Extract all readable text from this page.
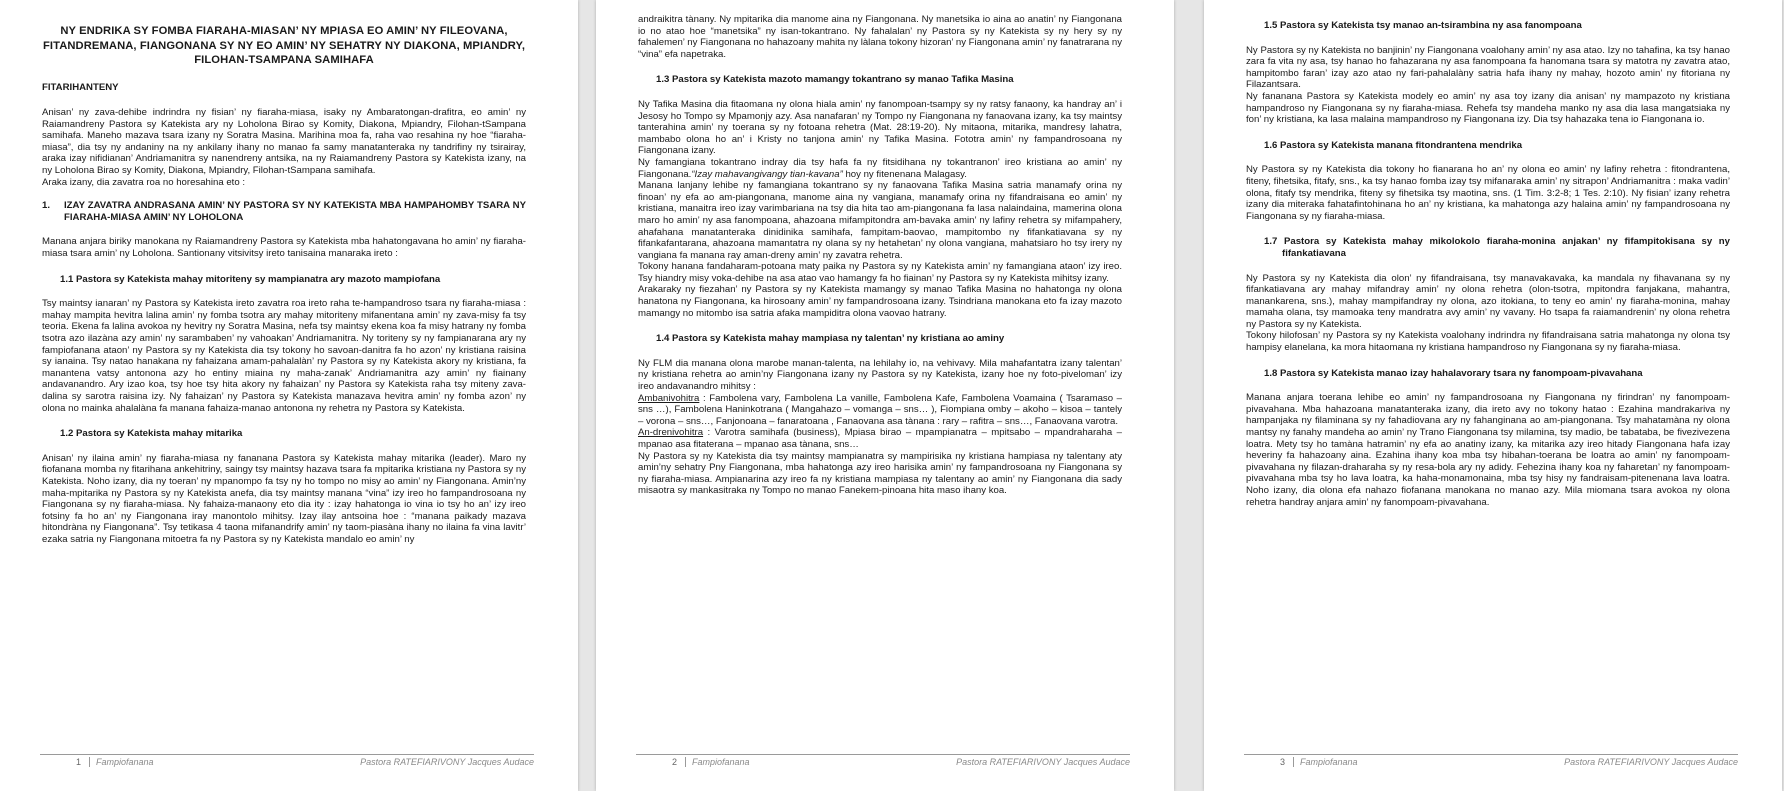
NY ENDRIKA SY FOMBA FIARAHA-MIASAN’ NY MPIASA EO AMIN’ NY FILEOVANA, FITANDREMANA, FIANGONANA SY NY EO AMIN’ NY SEHATRY NY DIAKONA, MPIANDRY, FILOHAN-TSAMPANA SAMIHAFA

FITARIHANTENY

Anisan’ ny zava-dehibe indrindra ny fisian’ ny fiaraha-miasa, isaky ny Ambaratongan-drafitra, eo amin’ ny Raiamandreny Pastora sy Katekista ary ny Loholona Birao sy Komity, Diakona, Mpiandry, Filohan-tSampana samihafa. Maneho mazava tsara izany ny Soratra Masina. Marihina moa fa, raha vao resahina ny hoe “fiaraha-miasa”, dia tsy ny andaniny na ny ankilany ihany no manao fa samy manatanteraka ny tandrifiny ny tsirairay, araka izay nifidianan’ Andriamanitra sy nanendreny antsika, na ny Raiamandreny Pastora sy Katekista izany, na ny Loholona Birao sy Komity, Diakona, Mpiandry, Filohan-tSampana samihafa.

Araka izany, dia zavatra roa no horesahina eto :

1.	IZAY ZAVATRA ANDRASANA AMIN’ NY PASTORA SY NY KATEKISTA MBA HAMPAHOMBY TSARA NY FIARAHA-MIASA AMIN’ NY LOHOLONA

Manana anjara biriky manokana ny Raiamandreny Pastora sy Katekista mba hahatongavana ho amin’ ny fiaraha-miasa tsara amin’ ny Loholona. Santionany vitsivitsy ireto tanisaina manaraka ireto :

1.1 Pastora sy Katekista mahay mitoriteny sy mampianatra ary mazoto mampiofana

Tsy maintsy ianaran’ ny Pastora sy Katekista ireto zavatra roa ireto raha te-hampandroso tsara ny fiaraha-miasa : mahay mampita hevitra lalina amin’ ny fomba tsotra ary mahay mitoriteny mifanentana amin’ ny zava-misy fa tsy teoria. Ekena fa lalina avokoa ny hevitry ny Soratra Masina, nefa tsy maintsy ekena koa fa misy hatrany ny fomba tsotra azo ilazàna azy amin’ ny sarambaben’ ny vahoakan’ Andriamanitra. Ny toriteny sy ny fampianarana ary ny fampiofanana ataon’ ny Pastora sy ny Katekista dia tsy tokony ho savoan-danitra fa ho azon’ ny kristiana raisina sy ianaina. Tsy natao hanakana ny fahaizana amam-pahalalàn’ ny Pastora sy ny Katekista akory ny kristiana, fa manantena vatsy antonona azy ho entiny miaina ny maha-zanak’ Andriamanitra azy amin’ ny fiainany andavanandro. Ary izao koa, tsy hoe tsy hita akory ny fahaizan’ ny Pastora sy Katekista raha tsy miteny zava-dalina sy sarotra raisina izy. Ny fahaizan’ ny Pastora sy Katekista manazava hevitra amin’ ny fomba azon’ ny olona no mainka ahalalàna fa manana fahaiza-manao antonona ny rehetra ny Pastora sy Katekista.

1.2 Pastora sy Katekista mahay mitarika

Anisan’ ny ilaina amin’ ny fiaraha-miasa ny fananana Pastora sy Katekista mahay mitarika (leader). Maro ny fiofanana momba ny fitarihana ankehitriny, saingy tsy maintsy hazava tsara fa mpitarika kristiana ny Pastora sy ny Katekista. Noho izany, dia ny toeran’ ny mpanompo fa tsy ny ho tompo no misy ao amin’ ny Fiangonana. Amin’ny maha-mpitarika ny Pastora sy ny Katekista anefa, dia tsy maintsy manana “vina” izy ireo ho fampandrosoana ny Fiangonana sy ny fiaraha-miasa. Ny fahaiza-manaony eto dia ity : izay hahatonga io vina io tsy ho an’ izy ireo fotsiny fa ho an’ ny Fiangonana iray manontolo mihitsy. Izay ilay antsoina hoe : “manana paikady mazava hitondràna ny Fiangonana”. Tsy tetikasa 4 taona mifanandrify amin’ ny taom-piasàna ihany no ilaina fa vina lavitr’ ezaka satria ny Fiangonana mitoetra fa ny Pastora sy ny Katekista mandalo eo amin’ ny

1 Fampiofanana	Pastora RATEFIARIVONY Jacques Audace

andraikitra tànany. Ny mpitarika dia manome aina ny Fiangonana. Ny manetsika io aina ao anatin’ ny Fiangonana io no atao hoe “manetsika” ny isan-tokantrano. Ny fahalalan’ ny Pastora sy ny Katekista sy ny hery sy ny fahalemen’ ny Fiangonana no hahazoany mahita ny làlana tokony hizoran’ ny Fiangonana amin’ ny fanatrarana ny “vina” efa napetraka.

1.3 Pastora sy Katekista mazoto mamangy tokantrano sy manao Tafika Masina

Ny Tafika Masina dia fitaomana ny olona hiala amin’ ny fanompoan-tsampy sy ny ratsy fanaony, ka handray an’ i Jesosy ho Tompo sy Mpamonjy azy. Asa nanafaran’ ny Tompo ny Fiangonana ny fanaovana izany, ka tsy maintsy tanterahina amin’ ny toerana sy ny fotoana rehetra (Mat. 28:19-20). Ny mitaona, mitarika, mandresy lahatra, mambabo olona ho an’ i Kristy no tanjona amin’ ny Tafika Masina. Fototra amin’ ny fampandrosoana ny Fiangonana izany.

Ny famangiana tokantrano indray dia tsy hafa fa ny fitsidihana ny tokantranon’ ireo kristiana ao amin’ ny Fiangonana.“Izay mahavangivangy tian-kavana” hoy ny fitenenana Malagasy.

Manana lanjany lehibe ny famangiana tokantrano sy ny fanaovana Tafika Masina satria manamafy orina ny finoan’ ny efa ao am-piangonana, manome aina ny vangiana, manamafy orina ny fifandraisana eo amin’ ny kristiana, manaitra ireo izay varimbariana na tsy dia hita tao am-piangonana fa lasa nalaindaina, mamerina olona maro ho amin’ ny asa fanompoana, ahazoana mifampitondra am-bavaka amin’ ny lafiny rehetra sy mifampahery, ahafahana manatanteraka dinidinika samihafa, fampitam-baovao, mampitombo ny fifankatiavana sy ny fifankafantarana, ahazoana mamantatra ny olana sy ny hetahetan’ ny olona vangiana, mahatsiaro ho tsy irery ny vangiana fa manana ray aman-dreny amin’ ny zavatra rehetra.

Tokony hanana fandaharam-potoana maty paika ny Pastora sy ny Katekista amin’ ny famangiana ataon’ izy ireo. Tsy hiandry misy voka-dehibe na asa atao vao hamangy fa ho fiainan’ ny Pastora sy ny Katekista mihitsy izany.

Arakaraky ny fiezahan’ ny Pastora sy ny Katekista mamangy sy manao Tafika Masina no hahatonga ny olona hanatona ny Fiangonana, ka hirosoany amin’ ny fampandrosoana izany. Tsindriana manokana eto fa izay mazoto mamangy no mitombo isa satria afaka mampiditra olona vaovao hatrany.

1.4 Pastora sy Katekista mahay mampiasa ny talentan’ ny kristiana ao aminy

Ny FLM dia manana olona marobe manan-talenta, na lehilahy io, na vehivavy. Mila mahafantatra izany talentan’ ny kristiana rehetra ao amin’ny Fiangonana izany ny Pastora sy ny Katekista, izany hoe ny foto-piveloman’ izy ireo andavanandro mihitsy :

Ambanivohitra : Fambolena vary, Fambolena La vanille, Fambolena Kafe, Fambolena Voamaina ( Tsaramaso – sns …), Fambolena Haninkotrana ( Mangahazo – vomanga – sns… ), Fiompiana omby – akoho – kisoa – tantely – vorona – sns…, Fanjonoana – fanaratoana , Fanaovana asa tànana : rary – rafitra – sns…, Fanaovana varotra.

An-drenivohitra : Varotra samihafa (business), Mpiasa birao – mpampianatra – mpitsabo – mpandraharaha – mpanao asa fitaterana – mpanao asa tànana, sns…

Ny Pastora sy ny Katekista dia tsy maintsy mampianatra sy mampirisika ny kristiana hampiasa ny talentany aty amin’ny sehatry Pny Fiangonana, mba hahatonga azy ireo harisika amin’ ny fampandrosoana ny Fiangonana sy ny fiaraha-miasa. Ampianarina azy ireo fa ny kristiana mampiasa ny talentany ao amin’ ny Fiangonana dia sady misaotra sy mankasitraka ny Tompo no manao Fanekem-pinoana hita maso ihany koa.

2 Fampiofanana	Pastora RATEFIARIVONY Jacques Audace

1.5 Pastora sy Katekista tsy manao an-tsirambina ny asa fanompoana

Ny Pastora sy ny Katekista no banjinin’ ny Fiangonana voalohany amin’ ny asa atao. Izy no tahafina, ka tsy hanao zara fa vita ny asa, tsy hanao ho fahazarana ny asa fanompoana fa hanomana tsara sy matotra ny zavatra atao, hampitombo faran’ izay azo atao ny fari-pahalalàny satria hafa ihany ny mahay, hozoto amin’ ny fitoriana ny Filazantsara.

Ny fananana Pastora sy Katekista modely eo amin’ ny asa toy izany dia anisan’ ny mampazoto ny kristiana hampandroso ny Fiangonana sy ny fiaraha-miasa. Rehefa tsy mandeha manko ny asa dia lasa mangatsiaka ny fon’ ny kristiana, ka lasa malaina mampandroso ny Fiangonana izy. Dia tsy hahazaka tena io Fiangonana io.

1.6 Pastora sy Katekista manana fitondrantena mendrika

Ny Pastora sy ny Katekista dia tokony ho fianarana ho an’ ny olona eo amin’ ny lafiny rehetra : fitondrantena, fiteny, fihetsika, fitafy, sns., ka tsy hanao fomba izay tsy mifanaraka amin’ ny sitrapon’ Andriamanitra : maka vadin’ olona, fitafy tsy mendrika, fiteny sy fihetsika tsy maotina, sns. (1 Tim. 3:2-8; 1 Tes. 2:10). Ny fisian’ izany rehetra izany dia miteraka fahatafintohinana ho an’ ny kristiana, ka mahatonga azy halaina amin’ ny fampandrosoana ny Fiangonana sy ny fiaraha-miasa.

1.7 Pastora sy Katekista mahay mikolokolo fiaraha-monina anjakan’ ny fifampitokisana sy ny fifankatiavana

Ny Pastora sy ny Katekista dia olon’ ny fifandraisana, tsy manavakavaka, ka mandala ny fihavanana sy ny fifankatiavana ary mahay mifandray amin’ ny olona rehetra (olon-tsotra, mpitondra fanjakana, mahantra, manankarena, sns.), mahay mampifandray ny olona, azo itokiana, to teny eo amin’ ny fiaraha-monina, mahay mamaha olana, tsy mamoaka teny mandratra avy amin’ ny vavany. Ho tsapa fa raiamandrenin’ ny olona rehetra ny Pastora sy ny Katekista.

Tokony hilofosan’ ny Pastora sy ny Katekista voalohany indrindra ny fifandraisana satria mahatonga ny olona tsy hampisy elanelana, ka mora hitaomana ny kristiana hampandroso ny Fiangonana sy ny fiaraha-miasa.

1.8 Pastora sy Katekista manao izay hahalavorary tsara ny fanompoam-pivavahana

Manana anjara toerana lehibe eo amin’ ny fampandrosoana ny Fiangonana ny firindran’ ny fanompoam-pivavahana. Mba hahazoana manatanteraka izany, dia ireto avy no tokony hatao : Ezahina mandrakariva ny hampanjaka ny filaminana sy ny fahadiovana ary ny fahanginana ao am-piangonana. Tsy mahatamàna ny olona mantsy ny fanahy mandeha ao amin’ ny Trano Fiangonana tsy milamina, tsy madio, be tabataba, be fivezivezena loatra. Mety tsy ho tamàna hatramin’ ny efa ao anatiny izany, ka mitarika azy ireo hitady Fiangonana hafa izay heveriny fa hahazoany aina. Ezahina ihany koa mba tsy hibahan-toerana be loatra ao amin’ ny fanompoam-pivavahana ny filazan-draharaha sy ny resa-bola ary ny adidy. Fehezina ihany koa ny faharetan’ ny fanompoam-pivavahana mba tsy ho lava loatra, ka haha-monamonaina, mba tsy hisy ny fandraisam-pitenenana lava loatra. Noho izany, dia olona efa nahazo fiofanana manokana no manao azy. Mila miomana tsara avokoa ny olona rehetra handray anjara amin’ ny fanompoam-pivavahana.

3 Fampiofanana	Pastora RATEFIARIVONY Jacques Audace
